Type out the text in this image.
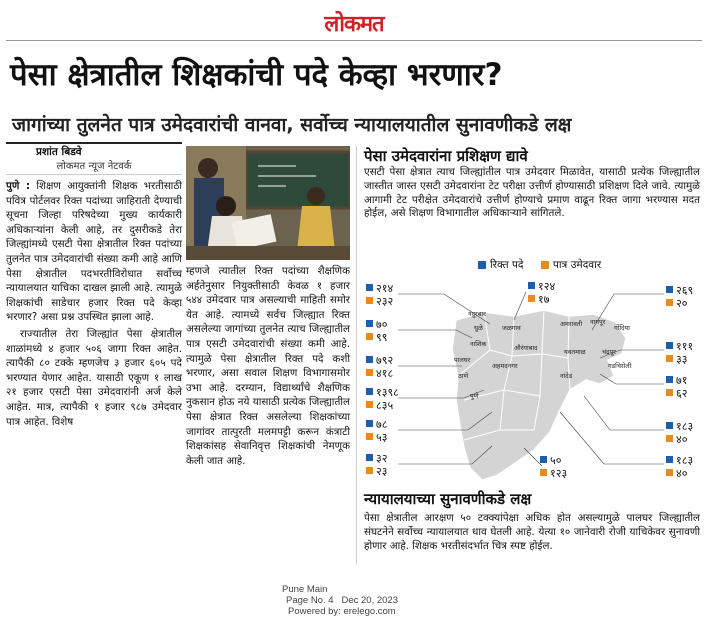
लोकमत
पेसा क्षेत्रातील शिक्षकांची पदे केव्हा भरणार?
जागांच्या तुलनेत पात्र उमेदवारांची वानवा, सर्वोच्च न्यायालयातील सुनावणीकडे लक्ष
प्रशांत बिडवे
लोकमत न्यूज नेटवर्क

पुणे : शिक्षण आयुक्तांनी शिक्षक भरतीसाठी पवित्र पोर्टलवर रिक्त पदांच्या जाहिराती देण्याची सूचना जिल्हा परिषदेच्या मुख्य कार्यकारी अधिकाऱ्यांना केली आहे, तर दुसरीकडे तेरा जिल्ह्यांमध्ये एसटी पेसा क्षेत्रातील रिक्त पदांच्या तुलनेत पात्र उमेदवारांची संख्या कमी आहे आणि पेसा क्षेत्रातील पदभरतीविरोधात सर्वोच्च न्यायालयात याचिका दाखल झाली आहे. त्यामुळे शिक्षकांची साडेचार हजार रिक्त पदे केव्हा भरणार? असा प्रश्न उपस्थित झाला आहे.

राज्यातील तेरा जिल्ह्यांत पेसा क्षेत्रातील शाळांमध्ये ४ हजार ५०६ जागा रिक्त आहेत. त्यापैकी ८० टक्के म्हणजेच ३ हजार ६०५ पदे भरण्यात येणार आहेत. यासाठी एकूण १ लाख २१ हजार एसटी पेसा उमेदवारांनी अर्ज केले आहेत. मात्र, त्यापैकी १ हजार ९८७ उमेदवार पात्र आहेत. विशेष

म्हणजे त्यातील रिक्त पदांच्या शैक्षणिक अर्हतेनुसार नियुक्तीसाठी केवळ १ हजार ५४४ उमेदवार पात्र असल्याची माहिती समोर येत आहे. त्यामध्ये सर्वच जिल्ह्यात रिक्त असलेल्या जागांच्या तुलनेत त्याच जिल्ह्यातील पात्र एसटी उमेदवारांची संख्या कमी आहे. त्यामुळे पेसा क्षेत्रातील रिक्त पदे कशी भरणार, असा सवाल शिक्षण विभागासमोर उभा आहे. दरम्यान, विद्यार्थ्यांचे शैक्षणिक नुकसान होऊ नये यासाठी प्रत्येक जिल्ह्यातील पेसा क्षेत्रात रिक्त असलेल्या शिक्षकांच्या जागांवर तात्पुरती मलमपट्टी करून कंत्राटी शिक्षकांसह सेवानिवृत्त शिक्षकांची नेमणूक केली जात आहे.

पेसा उमेदवारांना प्रशिक्षण द्यावे
एसटी पेसा क्षेत्रात त्याच जिल्ह्यांतील पात्र उमेदवार मिळावेत, यासाठी प्रत्येक जिल्ह्यातील जास्तीत जास्त एसटी उमेदवारांना टेट परीक्षा उत्तीर्ण होण्यासाठी प्रशिक्षण दिले जावे. त्यामुळे आगामी टेट परीक्षेत उमेदवारांचे उत्तीर्ण होण्याचे प्रमाण वाढून रिक्त जागा भरण्यास मदत होईल, असे शिक्षण विभागातील अधिकाऱ्याने सांगितले.
रिक्त पदे	पात्र उमेदवार
नंदुरबार
धुळे	जळगाव
नाशिक
पालघर
ठाणे
पुणे
अहमदनगर
औरंगाबाद
अमरावती
यवतमाळ	चंद्रपूर
नांदेड
गडचिरोली
नागपूर
गोंदिया
२१४
२३२
७०
९९
७९२
४१८
१३९८
८३५
७८
५३
३२
२३
१२४
१७
५०
१२३
२६९
२०
१११
३३
७१
६२
१८३
४०
१८३
४०
न्यायालयाच्या सुनावणीकडे लक्ष
पेसा क्षेत्रातील आरक्षण ५० टक्क्यांपेक्षा अधिक होत असल्यामुळे पालघर जिल्ह्यातील संघटनेने सर्वोच्च न्यायालयात धाव घेतली आहे. येत्या १० जानेवारी रोजी याचिकेवर सुनावणी होणार आहे. शिक्षक भरतीसंदर्भात चित्र स्पष्ट होईल.
Pune Main
Page No. 4 Dec 20, 2023
Powered by: erelego.com
